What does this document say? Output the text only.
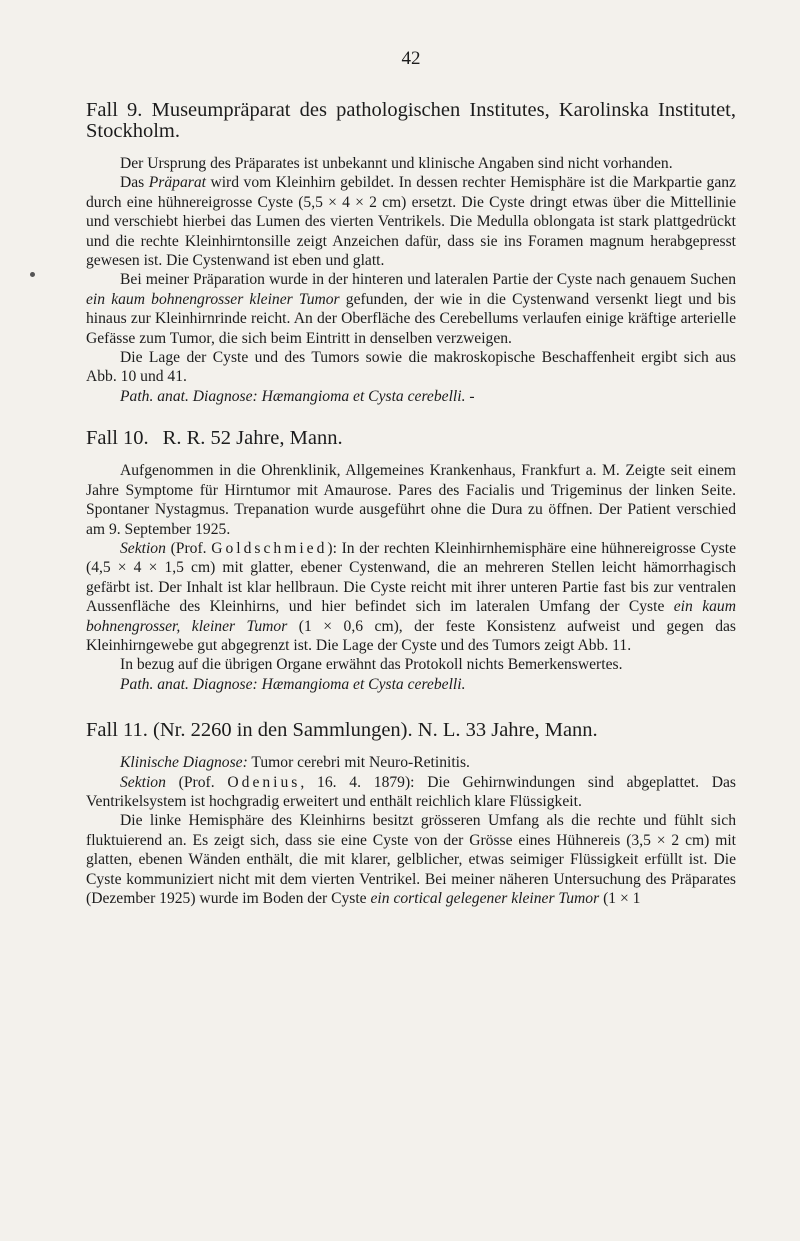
42
Fall 9. Museumpräparat des pathologischen Institutes, Karolinska Institutet, Stockholm.

Der Ursprung des Präparates ist unbekannt und klinische Angaben sind nicht vorhanden.

Das Präparat wird vom Kleinhirn gebildet. In dessen rechter Hemisphäre ist die Markpartie ganz durch eine hühnereigrosse Cyste (5,5 × 4 × 2 cm) ersetzt. Die Cyste dringt etwas über die Mittellinie und verschiebt hierbei das Lumen des vierten Ventrikels. Die Medulla oblongata ist stark plattgedrückt und die rechte Kleinhirntonsille zeigt Anzeichen dafür, dass sie ins Foramen magnum herabgepresst gewesen ist. Die Cystenwand ist eben und glatt.

Bei meiner Präparation wurde in der hinteren und lateralen Partie der Cyste nach genauem Suchen ein kaum bohnengrosser kleiner Tumor gefunden, der wie in die Cystenwand versenkt liegt und bis hinaus zur Kleinhirnrinde reicht. An der Oberfläche des Cerebellums verlaufen einige kräftige arterielle Gefässe zum Tumor, die sich beim Eintritt in denselben verzweigen.

Die Lage der Cyste und des Tumors sowie die makroskopische Beschaffenheit ergibt sich aus Abb. 10 und 41.

Path. anat. Diagnose: Hæmangioma et Cysta cerebelli. -

Fall 10. R. R. 52 Jahre, Mann.

Aufgenommen in die Ohrenklinik, Allgemeines Krankenhaus, Frankfurt a. M. Zeigte seit einem Jahre Symptome für Hirntumor mit Amaurose. Pares des Facialis und Trigeminus der linken Seite. Spontaner Nystagmus. Trepanation wurde ausgeführt ohne die Dura zu öffnen. Der Patient verschied am 9. September 1925.

Sektion (Prof. Goldschmied): In der rechten Kleinhirnhemisphäre eine hühnereigrosse Cyste (4,5 × 4 × 1,5 cm) mit glatter, ebener Cystenwand, die an mehreren Stellen leicht hämorrhagisch gefärbt ist. Der Inhalt ist klar hellbraun. Die Cyste reicht mit ihrer unteren Partie fast bis zur ventralen Aussenfläche des Kleinhirns, und hier befindet sich im lateralen Umfang der Cyste ein kaum bohnengrosser, kleiner Tumor (1 × 0,6 cm), der feste Konsistenz aufweist und gegen das Kleinhirngewebe gut abgegrenzt ist. Die Lage der Cyste und des Tumors zeigt Abb. 11.

In bezug auf die übrigen Organe erwähnt das Protokoll nichts Bemerkenswertes.

Path. anat. Diagnose: Hæmangioma et Cysta cerebelli.

Fall 11. (Nr. 2260 in den Sammlungen). N. L. 33 Jahre, Mann.

Klinische Diagnose: Tumor cerebri mit Neuro-Retinitis.

Sektion (Prof. Odenius, 16. 4. 1879): Die Gehirnwindungen sind abgeplattet. Das Ventrikelsystem ist hochgradig erweitert und enthält reichlich klare Flüssigkeit.

Die linke Hemisphäre des Kleinhirns besitzt grösseren Umfang als die rechte und fühlt sich fluktuierend an. Es zeigt sich, dass sie eine Cyste von der Grösse eines Hühnereis (3,5 × 2 cm) mit glatten, ebenen Wänden enthält, die mit klarer, gelblicher, etwas seimiger Flüssigkeit erfüllt ist. Die Cyste kommuniziert nicht mit dem vierten Ventrikel. Bei meiner näheren Untersuchung des Präparates (Dezember 1925) wurde im Boden der Cyste ein cortical gelegener kleiner Tumor (1 × 1
